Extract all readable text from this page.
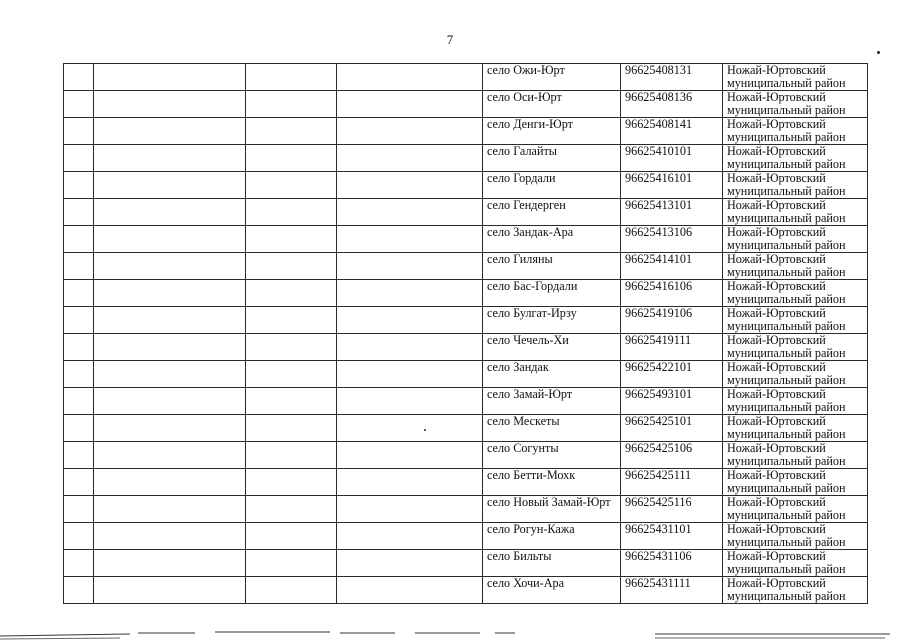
7
				село Ожи-Юрт	96625408131	Ножай-Юртовский муниципальный район
				село Оси-Юрт	96625408136	Ножай-Юртовский муниципальный район
				село Денги-Юрт	96625408141	Ножай-Юртовский муниципальный район
				село Галайты	96625410101	Ножай-Юртовский муниципальный район
				село Гордали	96625416101	Ножай-Юртовский муниципальный район
				село Гендерген	96625413101	Ножай-Юртовский муниципальный район
				село Зандак-Ара	96625413106	Ножай-Юртовский муниципальный район
				село Гиляны	96625414101	Ножай-Юртовский муниципальный район
				село Бас-Гордали	96625416106	Ножай-Юртовский муниципальный район
				село Булгат-Ирзу	96625419106	Ножай-Юртовский муниципальный район
				село Чечель-Хи	96625419111	Ножай-Юртовский муниципальный район
				село Зандак	96625422101	Ножай-Юртовский муниципальный район
				село Замай-Юрт	96625493101	Ножай-Юртовский муниципальный район
				село Мескеты	96625425101	Ножай-Юртовский муниципальный район
				село Согунты	96625425106	Ножай-Юртовский муниципальный район
				село Бетти-Мохк	96625425111	Ножай-Юртовский муниципальный район
				село Новый Замай-Юрт	96625425116	Ножай-Юртовский муниципальный район
				село Рогун-Кажа	96625431101	Ножай-Юртовский муниципальный район
				село Бильты	96625431106	Ножай-Юртовский муниципальный район
				село Хочи-Ара	96625431111	Ножай-Юртовский муниципальный район
